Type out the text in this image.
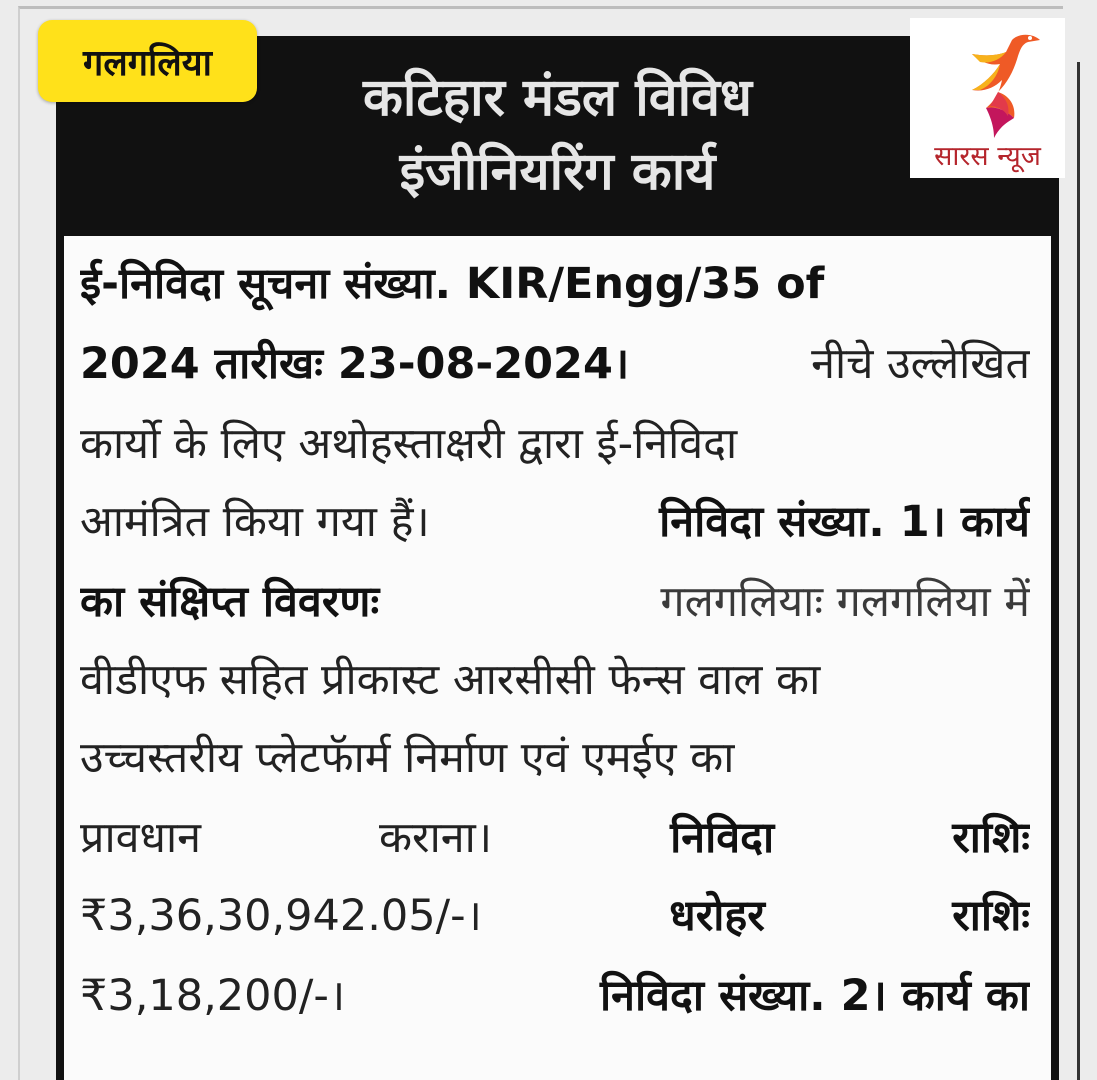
कटिहार मंडल विविध
इंजीनियरिंग कार्य
ई-निविदा सूचना संख्या. KIR/Engg/35 of
2024 तारीखः 23-08-2024।	नीचे उल्लेखित
कार्यो के लिए अथोहस्ताक्षरी द्वारा ई-निविदा
आमंत्रित किया गया हैं।	निविदा संख्या. 1। कार्य
का संक्षिप्त विवरणः	गलगलियाः गलगलिया में
वीडीएफ सहित प्रीकास्ट आरसीसी फेन्स वाल का
उच्चस्तरीय प्लेटफॅार्म निर्माण एवं एमईए का
प्रावधान	कराना।	निविदा	राशिः
₹3,36,30,942.05/-।	धरोहर	राशिः
₹3,18,200/-।	निविदा संख्या. 2। कार्य का
गलगलिया
सारस न्यूज
